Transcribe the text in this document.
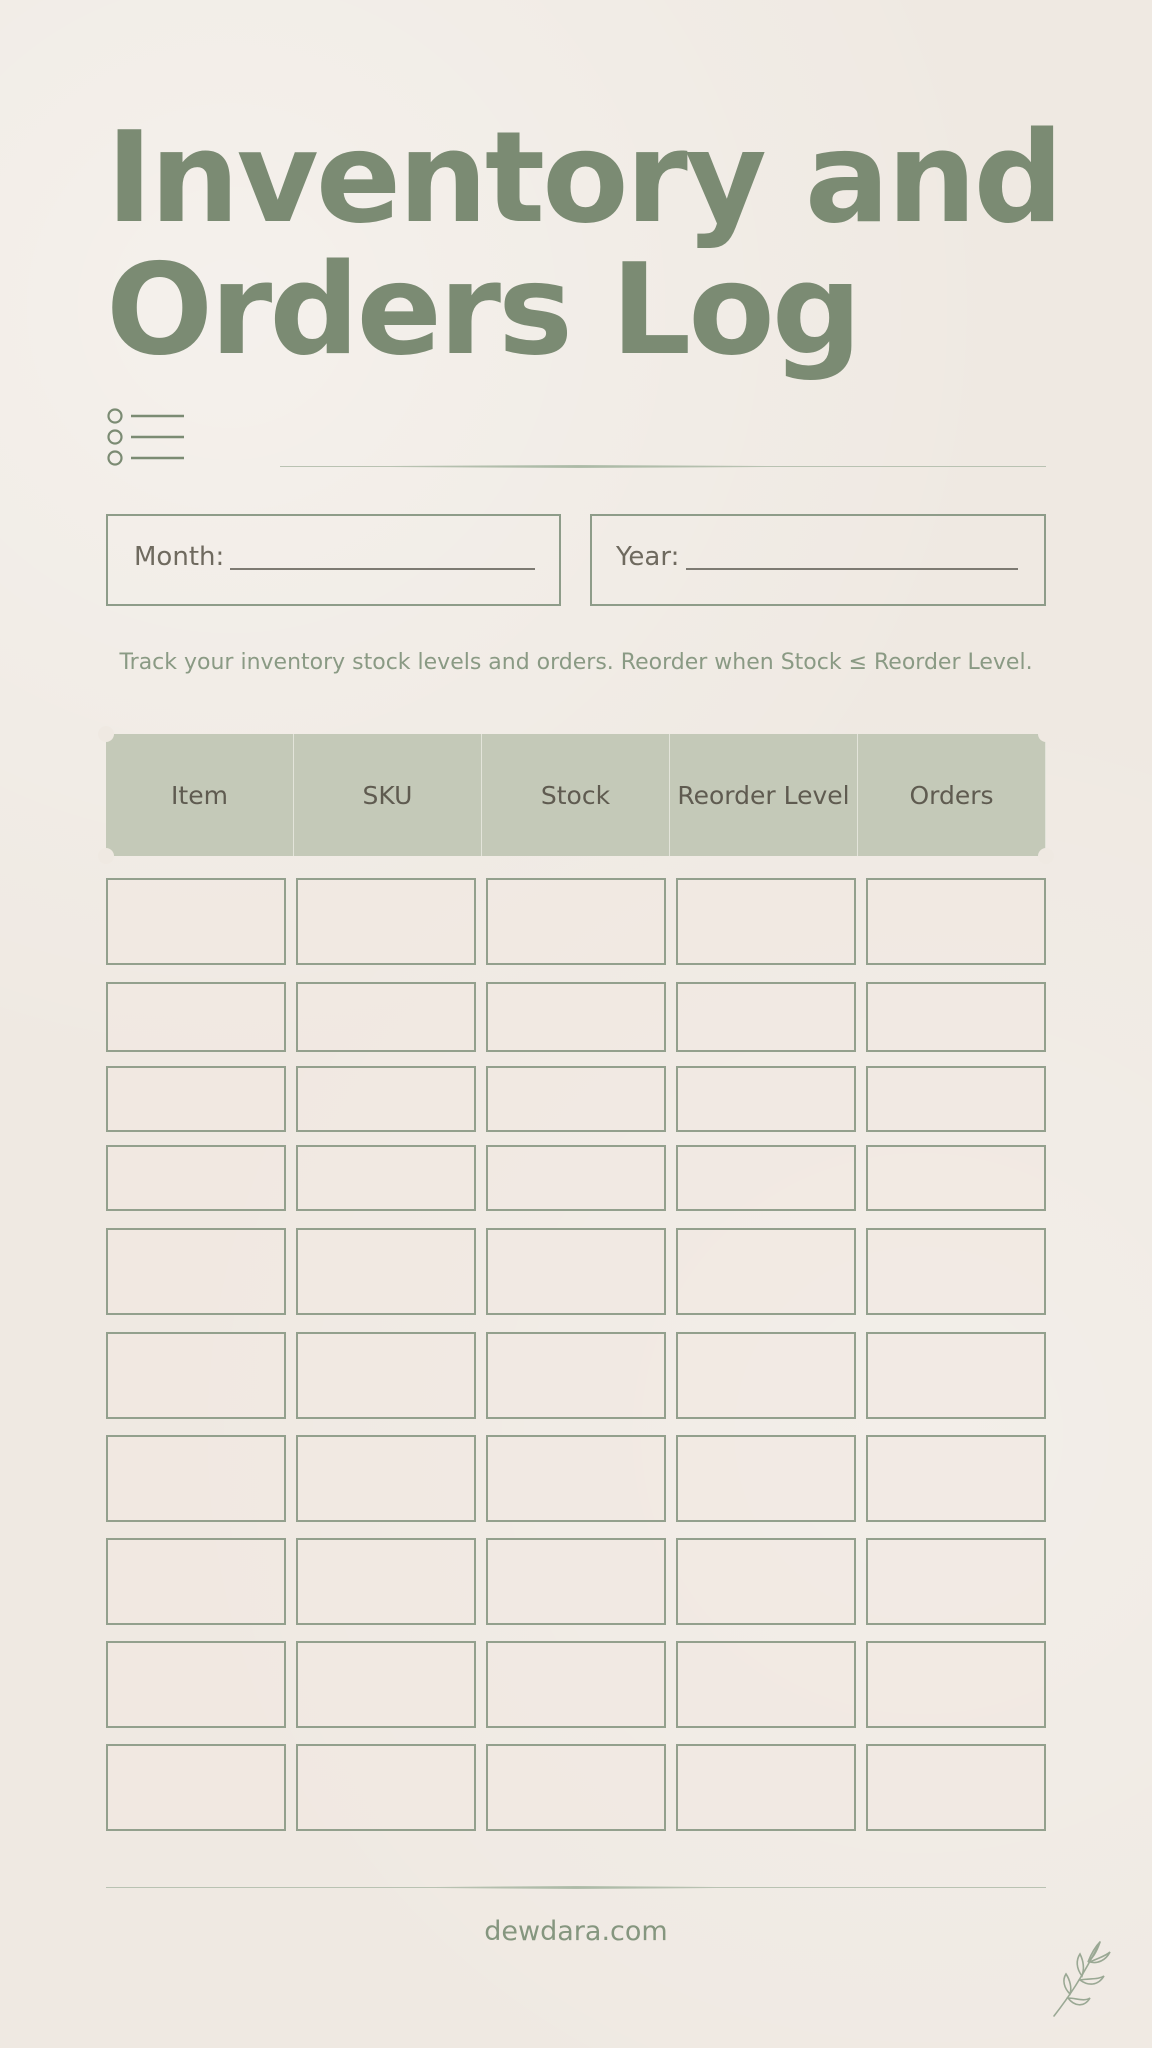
Inventory and
Orders Log
Month:	Year:
Track your inventory stock levels and orders. Reorder when Stock ≤ Reorder Level.
Item	SKU	Stock	Reorder Level	Orders
dewdara.com
